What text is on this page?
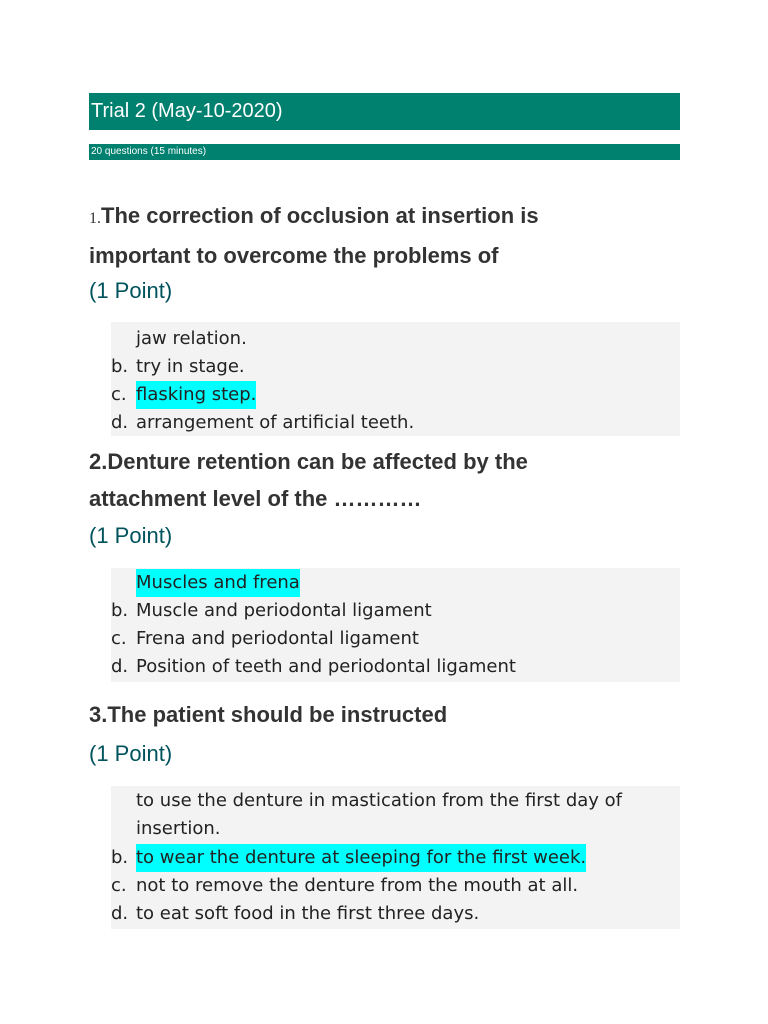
Trial 2 (May-10-2020)
20 questions (15 minutes)
1.The correction of occlusion at insertion is
important to overcome the problems of
(1 Point)
jaw relation.
b. try in stage.
c. flasking step.
d. arrangement of artificial teeth.
2.Denture retention can be affected by the
attachment level of the …………
(1 Point)
Muscles and frena
b. Muscle and periodontal ligament
c. Frena and periodontal ligament
d. Position of teeth and periodontal ligament
3.The patient should be instructed
(1 Point)
to use the denture in mastication from the first day of
insertion.
b. to wear the denture at sleeping for the first week.
c. not to remove the denture from the mouth at all.
d. to eat soft food in the first three days.
